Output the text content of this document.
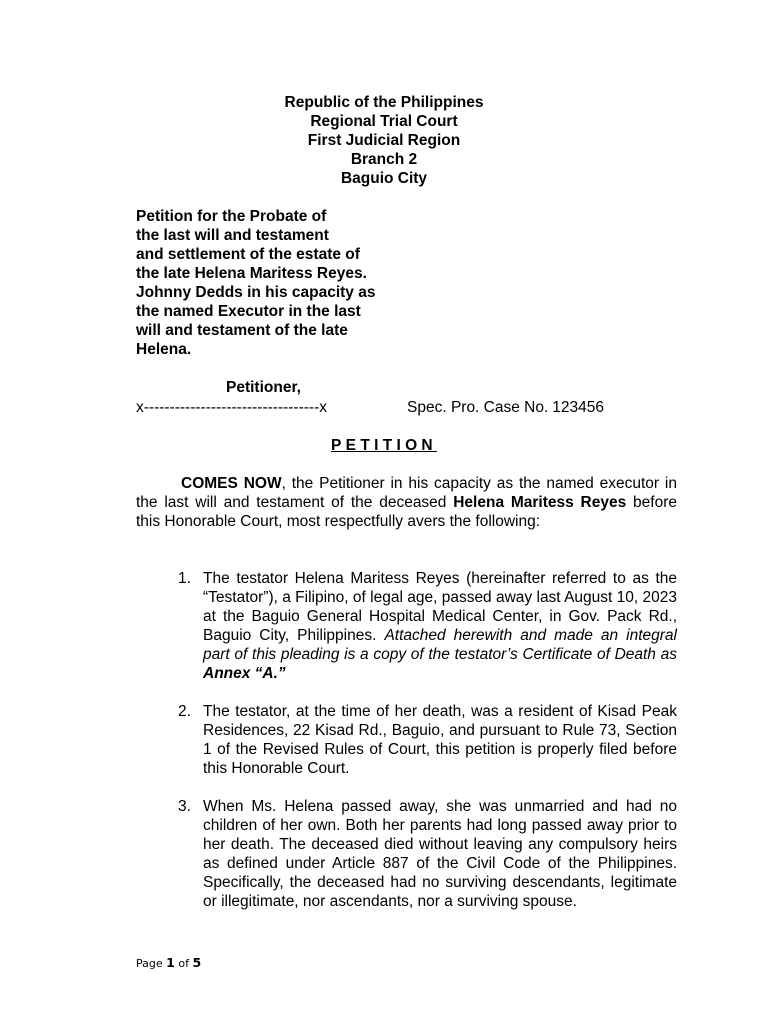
Republic of the Philippines
Regional Trial Court
First Judicial Region
Branch 2
Baguio City
Petition for the Probate of
the last will and testament
and settlement of the estate of
the late Helena Maritess Reyes.
Johnny Dedds in his capacity as
the named Executor in the last
will and testament of the late
Helena.
Petitioner,
x----------------------------------x	Spec. Pro. Case No. 123456
PETITION
COMES NOW, the Petitioner in his capacity as the named executor in the last will and testament of the deceased Helena Maritess Reyes before this Honorable Court, most respectfully avers the following:
1. The testator Helena Maritess Reyes (hereinafter referred to as the “Testator”), a Filipino, of legal age, passed away last August 10, 2023 at the Baguio General Hospital Medical Center, in Gov. Pack Rd., Baguio City, Philippines. Attached herewith and made an integral part of this pleading is a copy of the testator’s Certificate of Death as Annex “A.”
2. The testator, at the time of her death, was a resident of Kisad Peak Residences, 22 Kisad Rd., Baguio, and pursuant to Rule 73, Section 1 of the Revised Rules of Court, this petition is properly filed before this Honorable Court.
3. When Ms. Helena passed away, she was unmarried and had no children of her own. Both her parents had long passed away prior to her death. The deceased died without leaving any compulsory heirs as defined under Article 887 of the Civil Code of the Philippines. Specifically, the deceased had no surviving descendants, legitimate or illegitimate, nor ascendants, nor a surviving spouse.
Page 1 of 5
